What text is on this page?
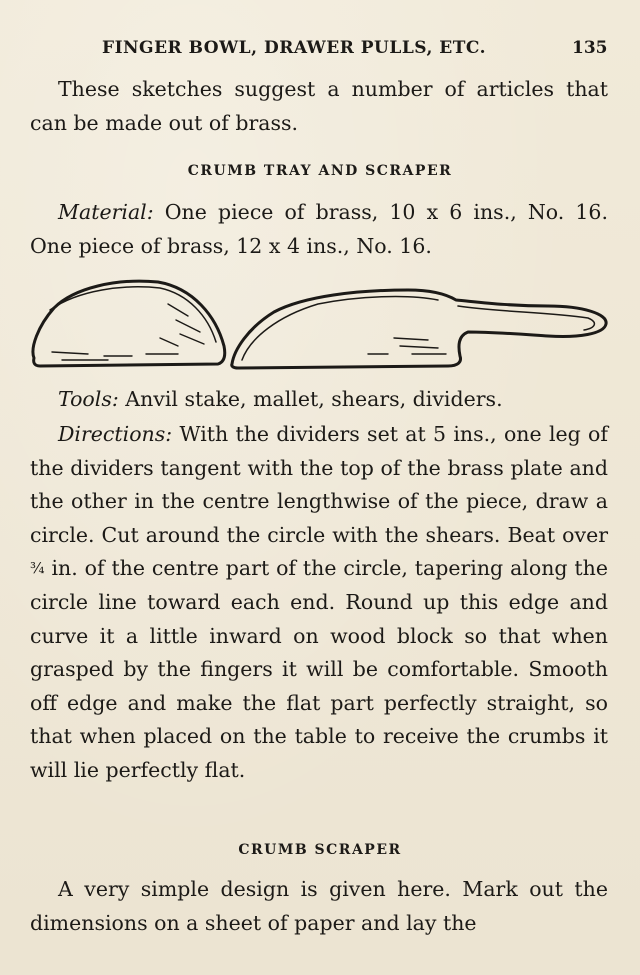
FINGER BOWL, DRAWER PULLS, ETC.	135
These sketches suggest a number of articles that can be made out of brass.
CRUMB TRAY AND SCRAPER
Material: One piece of brass, 10 x 6 ins., No. 16. One piece of brass, 12 x 4 ins., No. 16.
Tools: Anvil stake, mallet, shears, dividers.
Directions: With the dividers set at 5 ins., one leg of the dividers tangent with the top of the brass plate and the other in the centre lengthwise of the piece, draw a circle. Cut around the circle with the shears. Beat over ¾ in. of the centre part of the circle, tapering along the circle line toward each end. Round up this edge and curve it a little inward on wood block so that when grasped by the fingers it will be comfortable. Smooth off edge and make the flat part perfectly straight, so that when placed on the table to receive the crumbs it will lie perfectly flat.
CRUMB SCRAPER
A very simple design is given here. Mark out the dimensions on a sheet of paper and lay the
